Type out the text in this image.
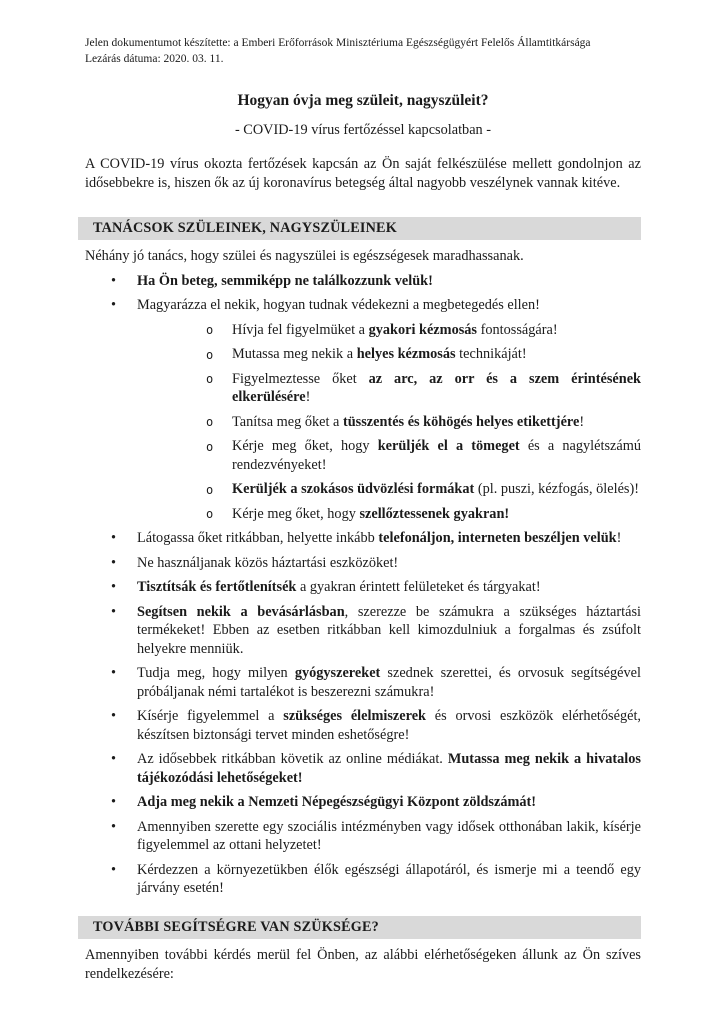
Jelen dokumentumot készítette: a Emberi Erőforrások Minisztériuma Egészségügyért Felelős Államtitkársága
Lezárás dátuma: 2020. 03. 11.
Hogyan óvja meg szüleit, nagyszüleit?
- COVID-19 vírus fertőzéssel kapcsolatban -

A COVID-19 vírus okozta fertőzések kapcsán az Ön saját felkészülése mellett gondolnjon az idősebbekre is, hiszen ők az új koronavírus betegség által nagyobb veszélynek vannak kitéve.

TANÁCSOK SZÜLEINEK, NAGYSZÜLEINEK

Néhány jó tanács, hogy szülei és nagyszülei is egészségesek maradhassanak.

• Ha Ön beteg, semmiképp ne találkozzunk velük!
• Magyarázza el nekik, hogyan tudnak védekezni a megbetegedés ellen!
o Hívja fel figyelmüket a gyakori kézmosás fontosságára!
o Mutassa meg nekik a helyes kézmosás technikáját!
o Figyelmeztesse őket az arc, az orr és a szem érintésének elkerülésére!
o Tanítsa meg őket a tüsszentés és köhögés helyes etikettjére!
o Kérje meg őket, hogy kerüljék el a tömeget és a nagylétszámú rendezvényeket!
o Kerüljék a szokásos üdvözlési formákat (pl. puszi, kézfogás, ölelés)!
o Kérje meg őket, hogy szellőztessenek gyakran!
• Látogassa őket ritkábban, helyette inkább telefonáljon, interneten beszéljen velük!
• Ne használjanak közös háztartási eszközöket!
• Tisztítsák és fertőtlenítsék a gyakran érintett felületeket és tárgyakat!
• Segítsen nekik a bevásárlásban, szerezze be számukra a szükséges háztartási termékeket! Ebben az esetben ritkábban kell kimozdulniuk a forgalmas és zsúfolt helyekre menniük.
• Tudja meg, hogy milyen gyógyszereket szednek szerettei, és orvosuk segítségével próbáljanak némi tartalékot is beszerezni számukra!
• Kísérje figyelemmel a szükséges élelmiszerek és orvosi eszközök elérhetőségét, készítsen biztonsági tervet minden eshetőségre!
• Az idősebbek ritkábban követik az online médiákat. Mutassa meg nekik a hivatalos tájékozódási lehetőségeket!
• Adja meg nekik a Nemzeti Népegészségügyi Központ zöldszámát!
• Amennyiben szerette egy szociális intézményben vagy idősek otthonában lakik, kísérje figyelemmel az ottani helyzetet!
• Kérdezzen a környezetükben élők egészségi állapotáról, és ismerje mi a teendő egy járvány esetén!
TOVÁBBI SEGÍTSÉGRE VAN SZÜKSÉGE?

Amennyiben további kérdés merül fel Önben, az alábbi elérhetőségeken állunk az Ön szíves rendelkezésére:
